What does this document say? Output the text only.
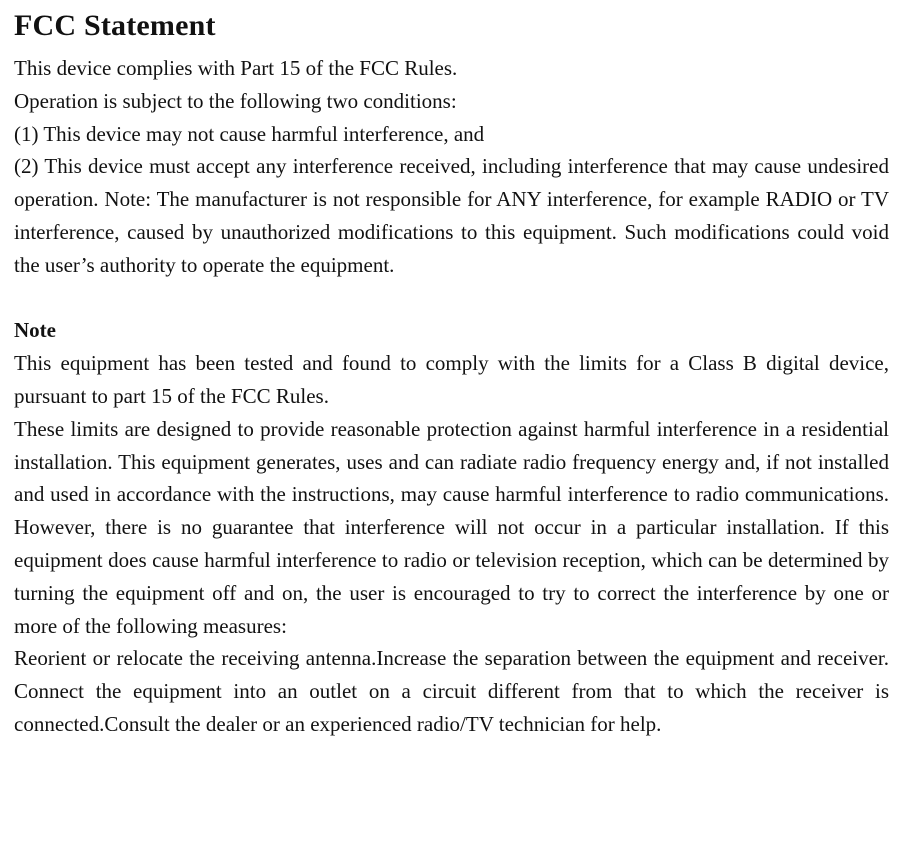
FCC Statement

This device complies with Part 15 of the FCC Rules.

Operation is subject to the following two conditions:

(1) This device may not cause harmful interference, and

(2) This device must accept any interference received, including interference that may cause undesired operation. Note: The manufacturer is not responsible for ANY interference, for example RADIO or TV interference, caused by unauthorized modifications to this equipment. Such modifications could void the user’s authority to operate the equipment.

Note

This equipment has been tested and found to comply with the limits for a Class B digital device, pursuant to part 15 of the FCC Rules.

These limits are designed to provide reasonable protection against harmful interference in a residential installation. This equipment generates, uses and can radiate radio frequency energy and, if not installed and used in accordance with the instructions, may cause harmful interference to radio communications. However, there is no guarantee that interference will not occur in a particular installation. If this equipment does cause harmful interference to radio or television reception, which can be determined by turning the equipment off and on, the user is encouraged to try to correct the interference by one or more of the following measures:

Reorient or relocate the receiving antenna.Increase the separation between the equipment and receiver. Connect the equipment into an outlet on a circuit different from that to which the receiver is connected.Consult the dealer or an experienced radio/TV technician for help.
